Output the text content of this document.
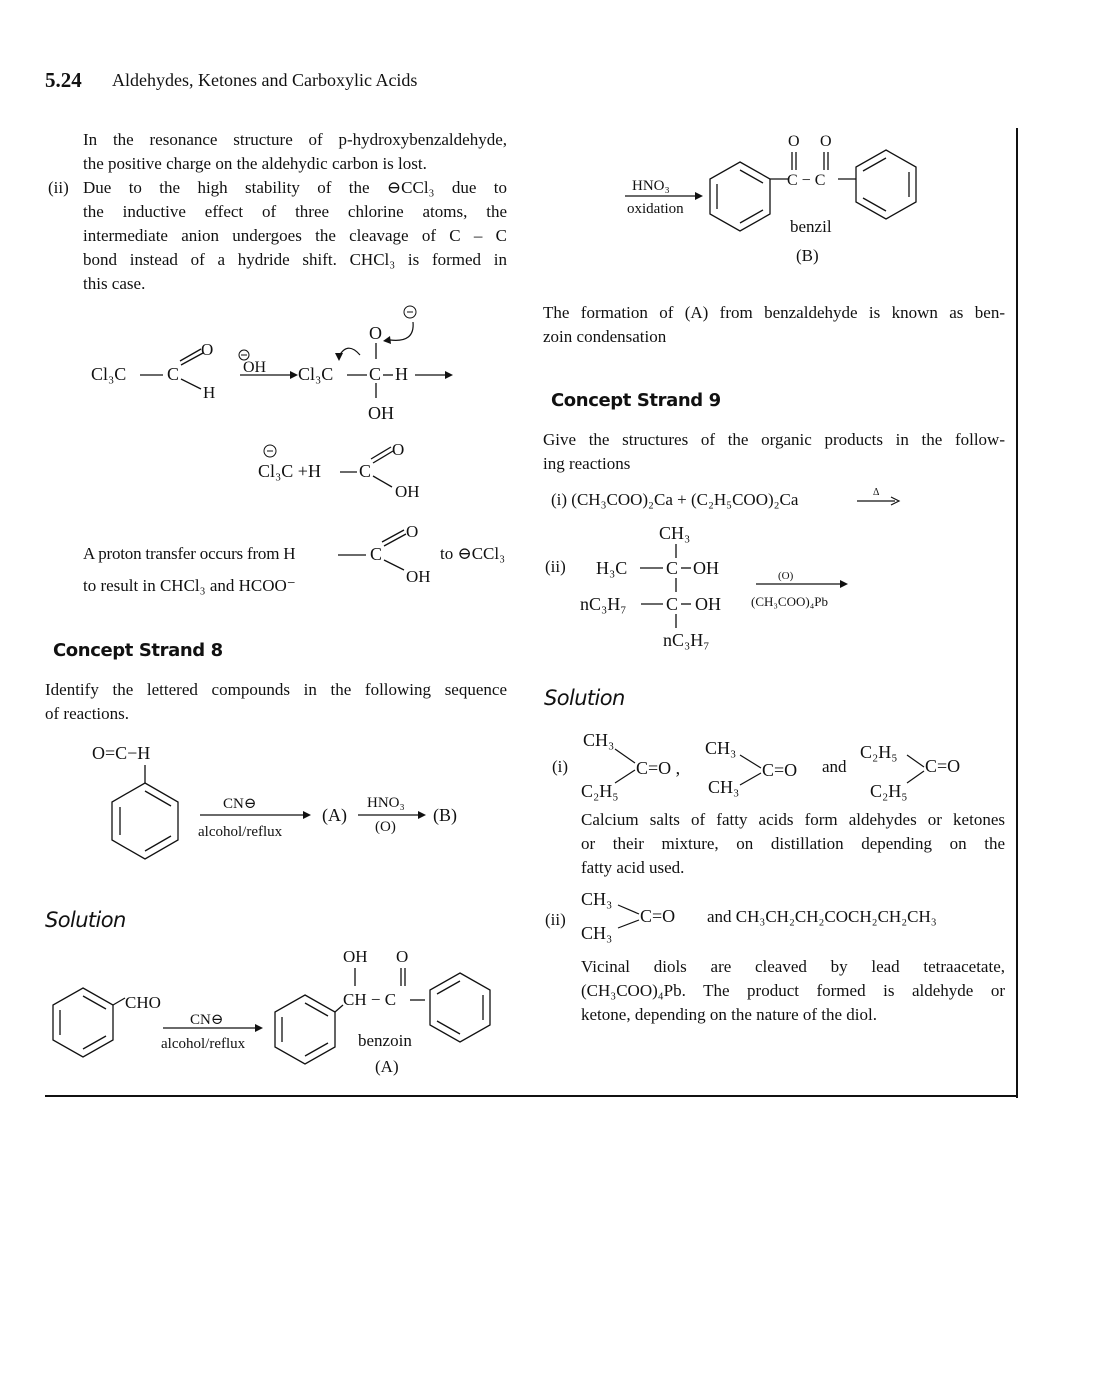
5.24 Aldehydes, Ketones and Carboxylic Acids
In the resonance structure of p-hydroxybenzaldehyde,
the positive charge on the aldehydic carbon is lost.
(ii) Due to the high stability of the ⊖CCl₃ due to
the inductive effect of three chlorine atoms, the
intermediate anion undergoes the cleavage of C – C
bond instead of a hydride shift. CHCl₃ is formed in
this case.
Cl₃C C
O
H
OH Cl₃C C H
O
OH
Cl₃C +H C
O
OH
A proton transfer occurs from H	C
O
OH
to ⊖CCl₃
to result in CHCl₃ and HCOO⁻
Concept Strand 8
Identify the lettered compounds in the following sequence
of reactions.
O=C−H
CN⊖
alcohol/reflux
(A)
HNO₃
(O)
(B)
Solution
CHO
CN⊖
alcohol/reflux
OH O
CH − C
benzoin
(A)
HNO₃
oxidation
O O
C − C
benzil
(B)
The formation of (A) from benzaldehyde is known as ben-
zoin condensation
Concept Strand 9
Give the structures of the organic products in the follow-
ing reactions
(i) (CH₃COO)₂Ca + (C₂H₅COO)₂Ca	Δ
(ii)
CH₃
H₃C C OH
nC₃H₇ C OH
nC₃H₇
(O)
(CH₃COO)₄Pb
Solution
(i)
CH₃
C₂H₅
C=O ,
CH₃
CH₃
C=O and
C₂H₅
C₂H₅
C=O
Calcium salts of fatty acids form aldehydes or ketones
or their mixture, on distillation depending on the
fatty acid used.
(ii)
CH₃
CH₃
C=O and CH₃CH₂CH₂COCH₂CH₂CH₃
Vicinal diols are cleaved by lead tetraacetate,
(CH₃COO)₄Pb. The product formed is aldehyde or
ketone, depending on the nature of the diol.
